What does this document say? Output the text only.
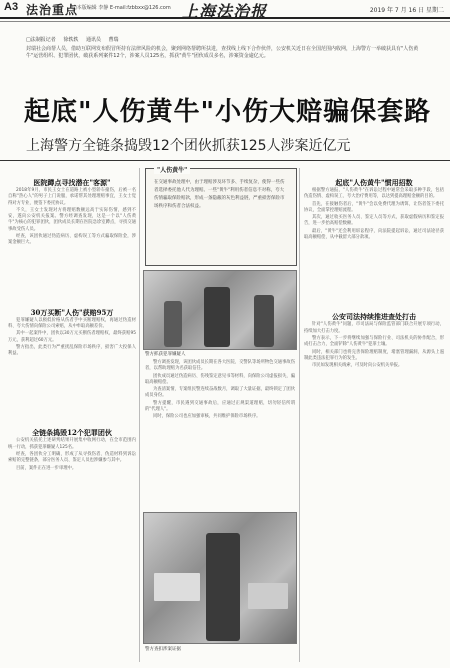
A3 法治重点
□本版编辑 李静 E-mail:fzbbxx@126.com 上海法治报	2019 年 7 月 16 日 星期二
□法制报记者 徐轶轶 通讯员 曹瑞

封瑞社会商帮人员，借助互联网发布假冒所持有法律风险的机会，聚到网络帮聘所扶进，查找线上线下合作伙伴，公安机关近日在全国范围内收网，上海警方一举破获具有"人伤黄牛"运营组织、犯罪团伙，破获系列案件12个，涉案人员125名，抓获"黄牛"团伙成员多名，涉案资金逾亿元。

起底"人伤黄牛"小伤大赔骗保套路
上海警方全链条捣毁12个团伙抓获125人涉案近亿元
医院蹲点寻找潜在"客源"

2018年9月，市民王女士在道路上被小型轿车撞伤，后被一名自称"热心人"的男子上门说服，承诺帮其处理理赔事宜，王女士觉得对方专业，便签下委托协议。

不久，王女士发现对方将理赔数额远高于实际伤情，感到不安，遂向公安机关报案。警方经调查发现，这是一个以"人伤黄牛"为核心的犯罪团伙，团伙成员长期在医院急诊室蹲点，寻找交通事故受伤人员。

经查，该团伙通过伪造病历、虚构误工等方式骗取保险金，涉案金额巨大。

30万买断"人伤"获赔95万

犯罪嫌疑人以极低价格从伤者手中买断理赔权，再通过伪造材料、夸大伤情向保险公司索赔，从中牟取高额差价。

其中一起案件中，团伙以30万元买断伤者理赔权，最终获赔95万元，获利超过60万元。

警方指出，此类行为严重扰乱保险市场秩序，损害广大投保人利益。

全链条捣毁12个犯罪团伙

公安机关依托上述研判结果开展集中收网行动，在全市范围内统一行动，抓获犯罪嫌疑人125名。

经查，各团伙分工明确，形成了从寻找伤者、伪造材料到诉讼索赔的完整链条，部分医务人员、鉴定人员也涉嫌参与其中。

目前，案件正在进一步审理中。

"人伤黄牛"
在交通事故处理中，由于理赔涉及环节多、手续复杂，使得一些伤者选择委托他人代为理赔。一些"黄牛"利用伤者信息不对称，夸大伤情骗取保险赔款，形成一条隐蔽的灰色利益链，严重损害保险市场秩序和伤者合法权益。
警方抓获犯罪嫌疑人

警方调查发现，该团伙成员长期在各大医院、交警队等场所物色交通事故伤者，以帮助理赔为名获取信任。

团伙成员通过伪造病历、伤残鉴定意见书等材料，向保险公司虚报损失，骗取高额赔偿。

为查清案情，专案组民警连续奋战数月，调取了大量证据，最终锁定了团伙成员身份。

警方提醒，市民遇到交通事故后，应通过正规渠道理赔，切勿轻信所谓的"代理人"。

同时，保险公司也应加强审核，共同维护保险市场秩序。

警方查扣涉案证据
起底"人伤黄牛"惯用招数

根据警方通报，"人伤黄牛"在诉讼过程中通常会采取多种手段，包括伪造伤情、虚构误工、夸大治疗费用等，以达到提高理赔金额的目的。

首先，在接触伤者后，"黄牛"会以免费代理为诱饵，让伤者签下委托协议，全面掌控理赔流程。

其次，通过收买医务人员、鉴定人员等方式，获取虚假病历和鉴定报告，进一步抬高赔偿数额。

最后，"黄牛"还会利用诉讼程序，向法院提起诉讼，通过司法途径获取高额赔偿，从中截留大部分款项。

公安司法持续推进查处打击

针对"人伤黄牛"问题，市司法局与保险监管部门联合开展专项行动，持续加大打击力度。

警方表示，下一步将继续加强与保险行业、司法机关的协作配合，形成打击合力，全面铲除"人伤黄牛"犯罪土壤。

同时，相关部门也将完善保险理赔制度，堵塞管理漏洞，从源头上遏制此类违法犯罪行为的发生。

市民如发现相关线索，可及时向公安机关举报。
